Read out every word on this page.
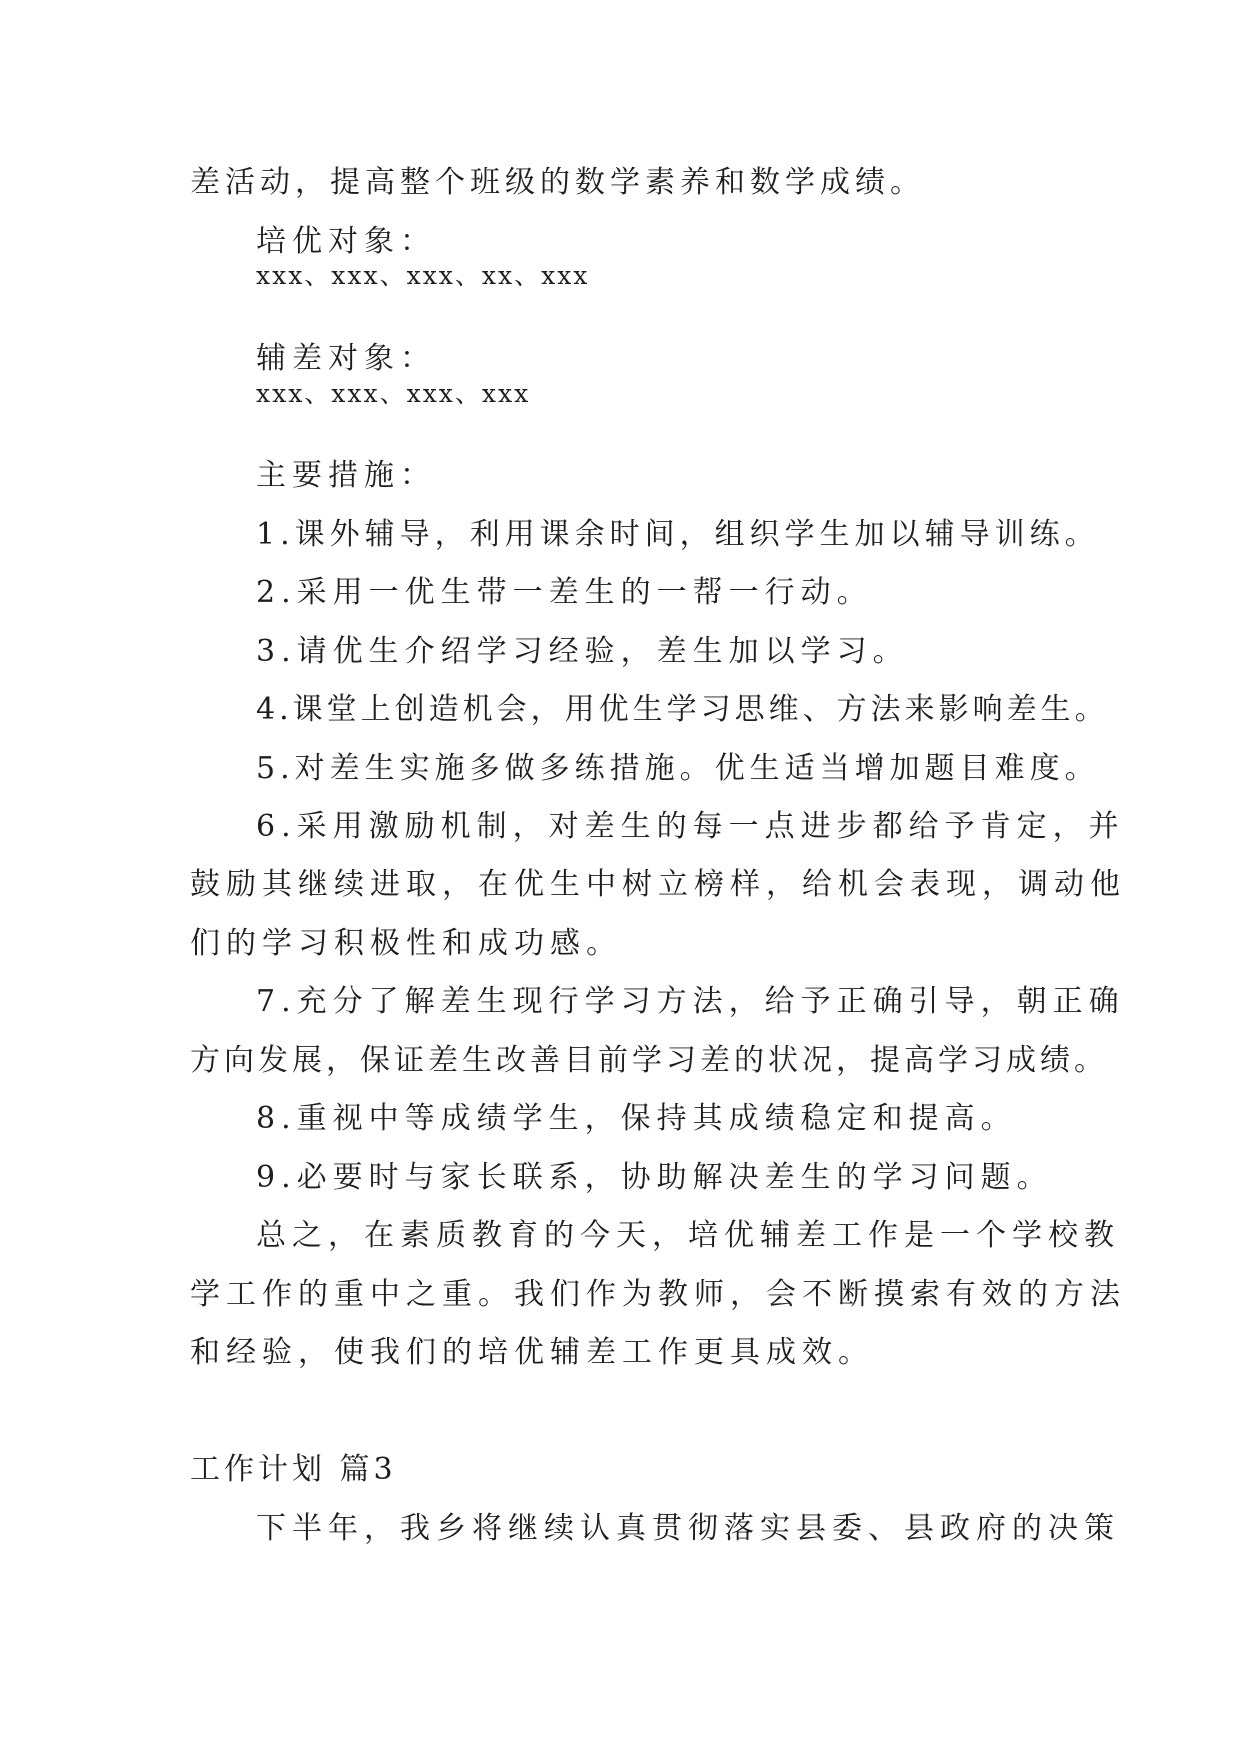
差活动，提高整个班级的数学素养和数学成绩。
培优对象：
xxx、xxx、xxx、xx、xxx
辅差对象：
xxx、xxx、xxx、xxx
主要措施：
1.课外辅导，利用课余时间，组织学生加以辅导训练。
2.采用一优生带一差生的一帮一行动。
3.请优生介绍学习经验，差生加以学习。
4.课堂上创造机会，用优生学习思维、方法来影响差生。
5.对差生实施多做多练措施。优生适当增加题目难度。
6.采用激励机制，对差生的每一点进步都给予肯定，并
鼓励其继续进取，在优生中树立榜样，给机会表现，调动他
们的学习积极性和成功感。
7.充分了解差生现行学习方法，给予正确引导，朝正确
方向发展，保证差生改善目前学习差的状况，提高学习成绩。
8.重视中等成绩学生，保持其成绩稳定和提高。
9.必要时与家长联系，协助解决差生的学习问题。
总之，在素质教育的今天，培优辅差工作是一个学校教
学工作的重中之重。我们作为教师，会不断摸索有效的方法
和经验，使我们的培优辅差工作更具成效。
工作计划 篇3
下半年，我乡将继续认真贯彻落实县委、县政府的决策
